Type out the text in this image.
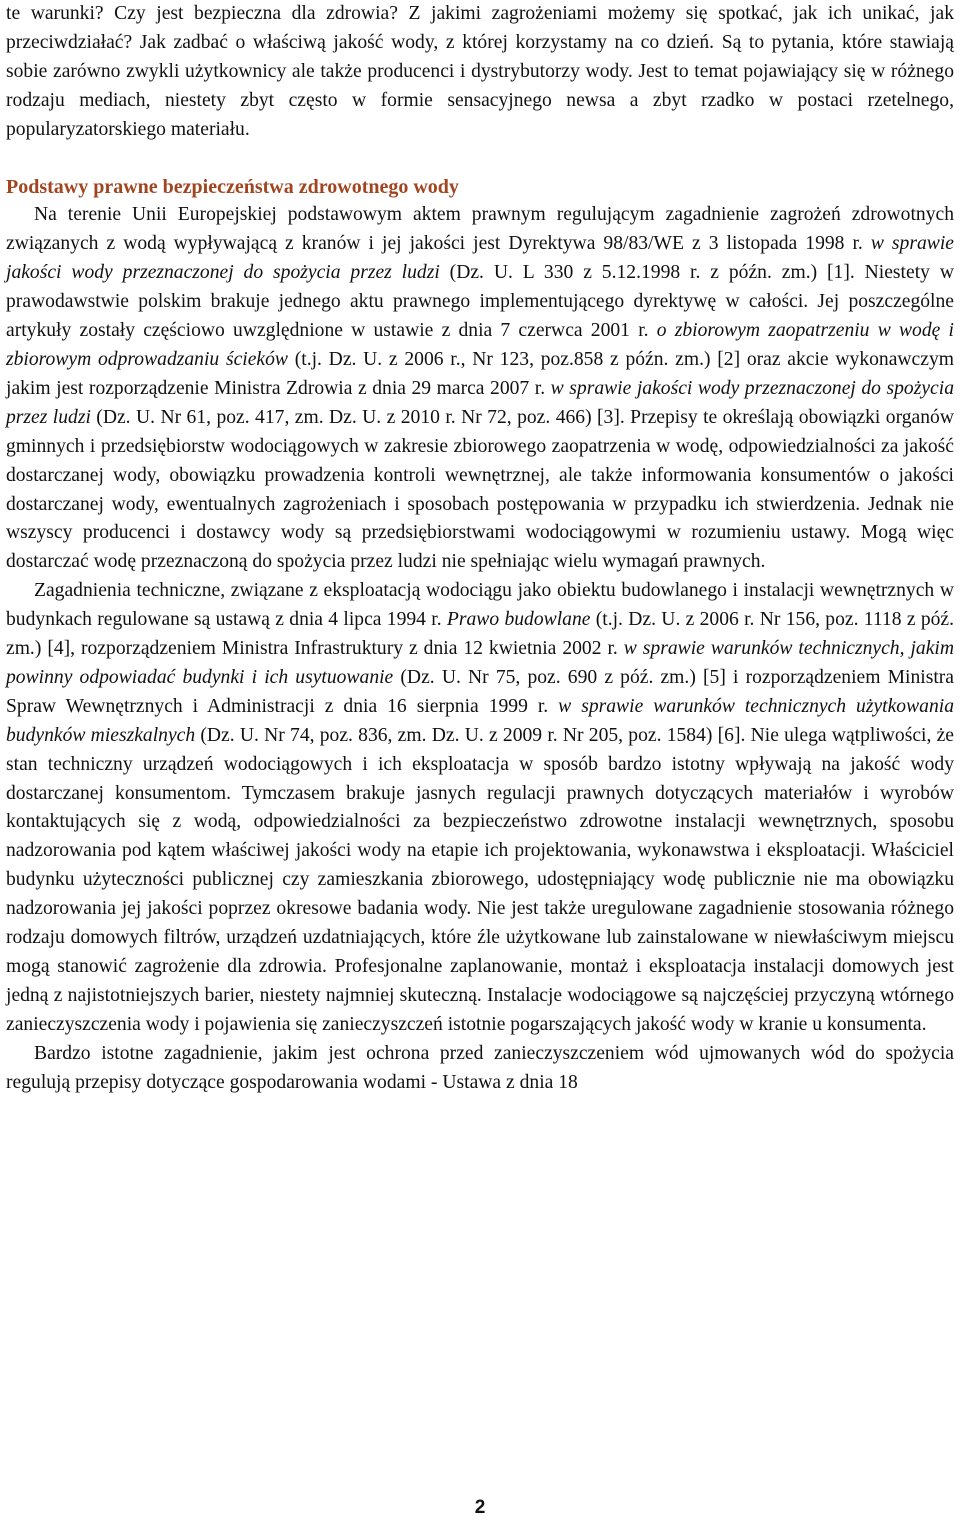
te warunki? Czy jest bezpieczna dla zdrowia? Z jakimi zagrożeniami możemy się spotkać, jak ich unikać, jak przeciwdziałać? Jak zadbać o właściwą jakość wody, z której korzystamy na co dzień. Są to pytania, które stawiają sobie zarówno zwykli użytkownicy ale także producenci i dystrybutorzy wody. Jest to temat pojawiający się w różnego rodzaju mediach, niestety zbyt często w formie sensacyjnego newsa a zbyt rzadko w postaci rzetelnego, popularyzatorskiego materiału.

Podstawy prawne bezpieczeństwa zdrowotnego wody

Na terenie Unii Europejskiej podstawowym aktem prawnym regulującym zagadnienie zagrożeń zdrowotnych związanych z wodą wypływającą z kranów i jej jakości jest Dyrektywa 98/83/WE z 3 listopada 1998 r. w sprawie jakości wody przeznaczonej do spożycia przez ludzi (Dz. U. L 330 z 5.12.1998 r. z późn. zm.) [1]. Niestety w prawodawstwie polskim brakuje jednego aktu prawnego implementującego dyrektywę w całości. Jej poszczególne artykuły zostały częściowo uwzględnione w ustawie z dnia 7 czerwca 2001 r. o zbiorowym zaopatrzeniu w wodę i zbiorowym odprowadzaniu ścieków (t.j. Dz. U. z 2006 r., Nr 123, poz.858 z późn. zm.) [2] oraz akcie wykonawczym jakim jest rozporządzenie Ministra Zdrowia z dnia 29 marca 2007 r. w sprawie jakości wody przeznaczonej do spożycia przez ludzi (Dz. U. Nr 61, poz. 417, zm. Dz. U. z 2010 r. Nr 72, poz. 466) [3]. Przepisy te określają obowiązki organów gminnych i przedsiębiorstw wodociągowych w zakresie zbiorowego zaopatrzenia w wodę, odpowiedzialności za jakość dostarczanej wody, obowiązku prowadzenia kontroli wewnętrznej, ale także informowania konsumentów o jakości dostarczanej wody, ewentualnych zagrożeniach i sposobach postępowania w przypadku ich stwierdzenia. Jednak nie wszyscy producenci i dostawcy wody są przedsiębiorstwami wodociągowymi w rozumieniu ustawy. Mogą więc dostarczać wodę przeznaczoną do spożycia przez ludzi nie spełniając wielu wymagań prawnych.

Zagadnienia techniczne, związane z eksploatacją wodociągu jako obiektu budowlanego i instalacji wewnętrznych w budynkach regulowane są ustawą z dnia 4 lipca 1994 r. Prawo budowlane (t.j. Dz. U. z 2006 r. Nr 156, poz. 1118 z póź. zm.) [4], rozporządzeniem Ministra Infrastruktury z dnia 12 kwietnia 2002 r. w sprawie warunków technicznych, jakim powinny odpowiadać budynki i ich usytuowanie (Dz. U. Nr 75, poz. 690 z póź. zm.) [5] i rozporządzeniem Ministra Spraw Wewnętrznych i Administracji z dnia 16 sierpnia 1999 r. w sprawie warunków technicznych użytkowania budynków mieszkalnych (Dz. U. Nr 74, poz. 836, zm. Dz. U. z 2009 r. Nr 205, poz. 1584) [6]. Nie ulega wątpliwości, że stan techniczny urządzeń wodociągowych i ich eksploatacja w sposób bardzo istotny wpływają na jakość wody dostarczanej konsumentom. Tymczasem brakuje jasnych regulacji prawnych dotyczących materiałów i wyrobów kontaktujących się z wodą, odpowiedzialności za bezpieczeństwo zdrowotne instalacji wewnętrznych, sposobu nadzorowania pod kątem właściwej jakości wody na etapie ich projektowania, wykonawstwa i eksploatacji. Właściciel budynku użyteczności publicznej czy zamieszkania zbiorowego, udostępniający wodę publicznie nie ma obowiązku nadzorowania jej jakości poprzez okresowe badania wody. Nie jest także uregulowane zagadnienie stosowania różnego rodzaju domowych filtrów, urządzeń uzdatniających, które źle użytkowane lub zainstalowane w niewłaściwym miejscu mogą stanowić zagrożenie dla zdrowia. Profesjonalne zaplanowanie, montaż i eksploatacja instalacji domowych jest jedną z najistotniejszych barier, niestety najmniej skuteczną. Instalacje wodociągowe są najczęściej przyczyną wtórnego zanieczyszczenia wody i pojawienia się zanieczyszczeń istotnie pogarszających jakość wody w kranie u konsumenta.

Bardzo istotne zagadnienie, jakim jest ochrona przed zanieczyszczeniem wód ujmowanych wód do spożycia regulują przepisy dotyczące gospodarowania wodami - Ustawa z dnia 18

2
